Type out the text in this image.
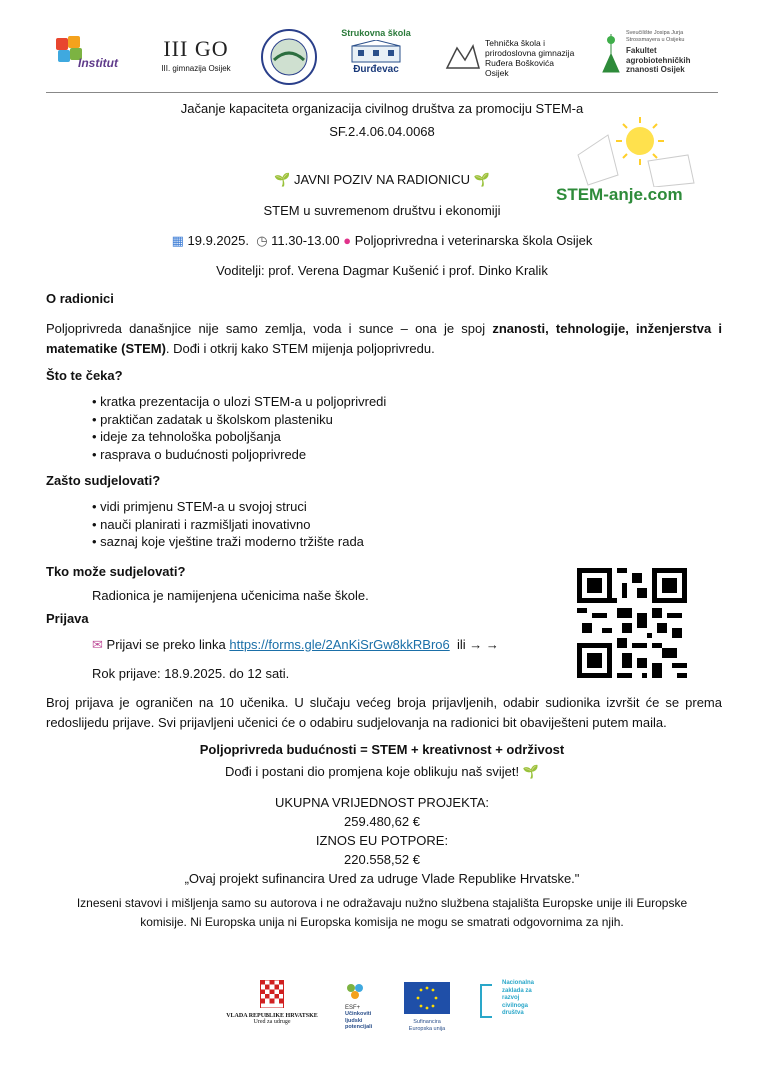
Institut
III GO
III. gimnazija Osijek
Strukovna škola
Đurđevac
Tehnička škola i
prirodoslovna gimnazija
Ruđera Boškovića
Osijek
Sveučilište Josipa Jurja
Strossmayera u Osijeku
Fakultet
agrobiotehničkih
znanosti Osijek
Jačanje kapaciteta organizacija civilnog društva za promociju STEM-a
SF.2.4.06.04.0068
STEM-anje.com
🌱 JAVNI POZIV NA RADIONICU 🌱
STEM u suvremenom društvu i ekonomiji
▦ 19.9.2025. ◷ 11.30-13.00 ● Poljoprivredna i veterinarska škola Osijek
Voditelji: prof. Verena Dagmar Kušenić i prof. Dinko Kralik
O radionici
Poljoprivreda današnjice nije samo zemlja, voda i sunce – ona je spoj znanosti, tehnologije, inženjerstva i matematike (STEM). Dođi i otkrij kako STEM mijenja poljoprivredu.
Što te čeka?
• kratka prezentacija o ulozi STEM-a u poljoprivredi
• praktičan zadatak u školskom plasteniku
• ideje za tehnološka poboljšanja
• rasprava o budućnosti poljoprivrede
Zašto sudjelovati?
• vidi primjenu STEM-a u svojoj struci
• nauči planirati i razmišljati inovativno
• saznaj koje vještine traži moderno tržište rada
Tko može sudjelovati?
Radionica je namijenjena učenicima naše škole.
Prijava
✉ Prijavi se preko linka https://forms.gle/2AnKiSrGw8kkRBro6 ili → →
Rok prijave: 18.9.2025. do 12 sati.
Broj prijava je ograničen na 10 učenika. U slučaju većeg broja prijavljenih, odabir sudionika izvršit će se prema redoslijedu prijave. Svi prijavljeni učenici će o odabiru sudjelovanja na radionici bit obaviješteni putem maila.
Poljoprivreda budućnosti = STEM + kreativnost + održivost
Dođi i postani dio promjena koje oblikuju naš svijet! 🌱
UKUPNA VRIJEDNOST PROJEKTA:
259.480,62 €
IZNOS EU POTPORE:
220.558,52 €
„Ovaj projekt sufinancira Ured za udruge Vlade Republike Hrvatske."
Izneseni stavovi i mišljenja samo su autorova i ne odražavaju nužno službena stajališta Europske unije ili Europske komisije. Ni Europska unija ni Europska komisija ne mogu se smatrati odgovornima za njih.
VLADA REPUBLIKE HRVATSKE
Ured za udruge
ESF+
Učinkoviti
ljudski
potencijali
Sufinancira
Europska unija
Nacionalna
zaklada za
razvoj
civilnoga
društva
